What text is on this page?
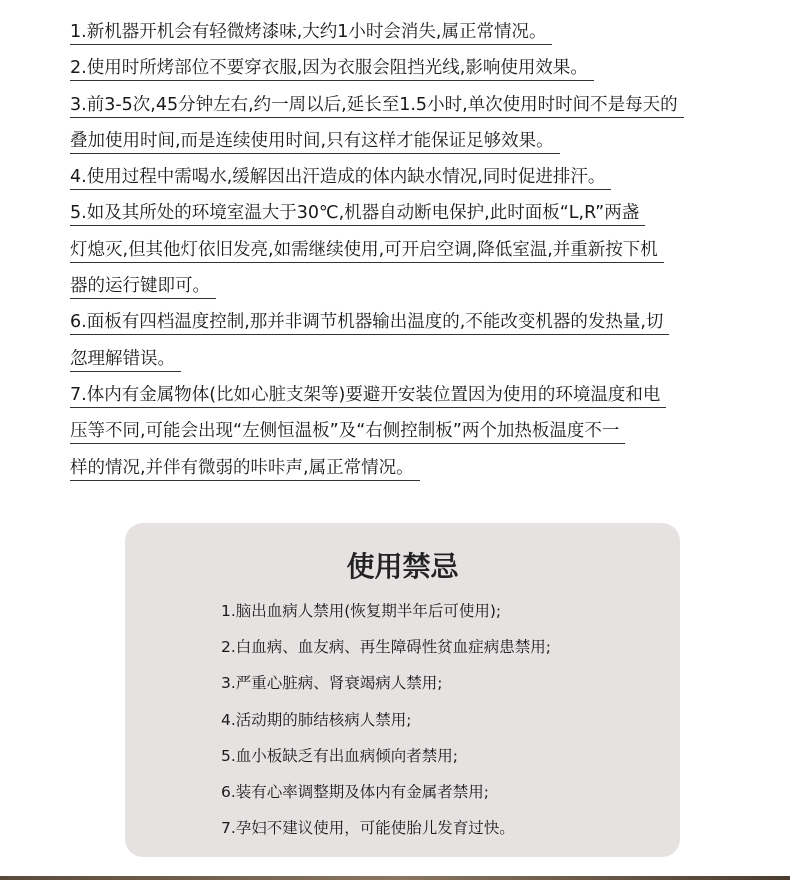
1.新机器开机会有轻微烤漆味,大约1小时会消失,属正常情况。
2.使用时所烤部位不要穿衣服,因为衣服会阻挡光线,影响使用效果。
3.前3-5次,45分钟左右,约一周以后,延长至1.5小时,单次使用时时间不是每天的
叠加使用时间,而是连续使用时间,只有这样才能保证足够效果。
4.使用过程中需喝水,缓解因出汗造成的体内缺水情况,同时促进排汗。
5.如及其所处的环境室温大于30℃,机器自动断电保护,此时面板“L,R”两盏
灯熄灭,但其他灯依旧发亮,如需继续使用,可开启空调,降低室温,并重新按下机
器的运行键即可。
6.面板有四档温度控制,那并非调节机器输出温度的,不能改变机器的发热量,切
忽理解错误。
7.体内有金属物体(比如心脏支架等)要避开安装位置因为使用的环境温度和电
压等不同,可能会出现“左侧恒温板”及“右侧控制板”两个加热板温度不一
样的情况,并伴有微弱的咔咔声,属正常情况。
使用禁忌
1.脑出血病人禁用(恢复期半年后可使用);
2.白血病、血友病、再生障碍性贫血症病患禁用;
3.严重心脏病、肾衰竭病人禁用;
4.活动期的肺结核病人禁用;
5.血小板缺乏有出血病倾向者禁用;
6.装有心率调整期及体内有金属者禁用;
7.孕妇不建议使用，可能使胎儿发育过快。
